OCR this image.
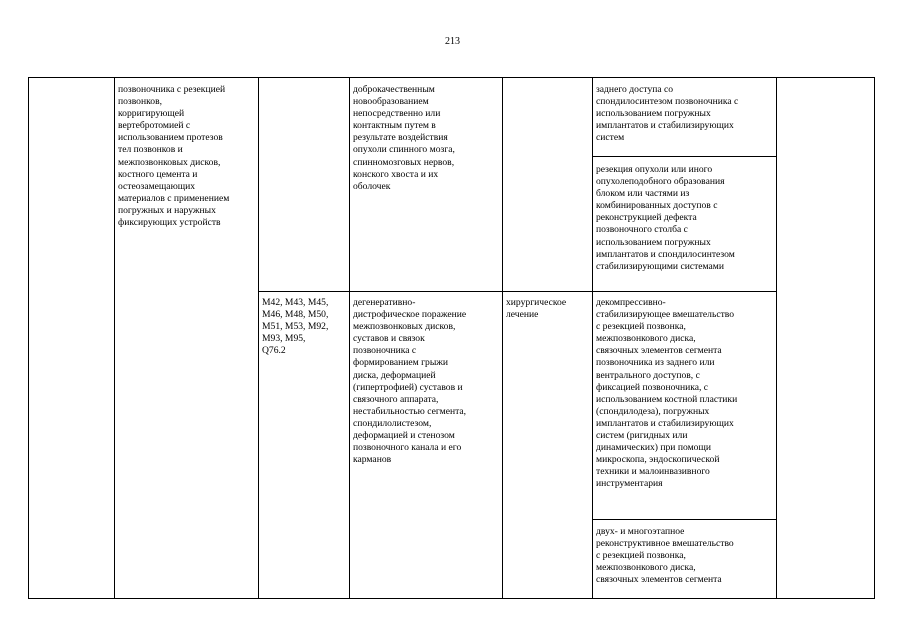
213

позвоночника с резекцией
позвонков,
корригирующей
вертебротомией с
использованием протезов
тел позвонков и
межпозвонковых дисков,
костного цемента и
остеозамещающих
материалов с применением
погружных и наружных
фиксирующих устройств

доброкачественным
новообразованием
непосредственно или
контактным путем в
результате воздействия
опухоли спинного мозга,
спинномозговых нервов,
конского хвоста и их
оболочек

заднего доступа со
спондилосинтезом позвоночника с
использованием погружных
имплантатов и стабилизирующих
систем

резекция опухоли или иного
опухолеподобного образования
блоком или частями из
комбинированных доступов с
реконструкцией дефекта
позвоночного столба с
использованием погружных
имплантатов и спондилосинтезом
стабилизирующими системами

M42, M43, M45,
M46, M48, M50,
M51, M53, M92,
M93, M95,
Q76.2

дегенеративно-
дистрофическое поражение
межпозвонковых дисков,
суставов и связок
позвоночника с
формированием грыжи
диска, деформацией
(гипертрофией) суставов и
связочного аппарата,
нестабильностью сегмента,
спондилолистезом,
деформацией и стенозом
позвоночного канала и его
карманов

хирургическое
лечение

декомпрессивно-
стабилизирующее вмешательство
с резекцией позвонка,
межпозвонкового диска,
связочных элементов сегмента
позвоночника из заднего или
вентрального доступов, с
фиксацией позвоночника, с
использованием костной пластики
(спондилодеза), погружных
имплантатов и стабилизирующих
систем (ригидных или
динамических) при помощи
микроскопа, эндоскопической
техники и малоинвазивного
инструментария

двух- и многоэтапное
реконструктивное вмешательство
с резекцией позвонка,
межпозвонкового диска,
связочных элементов сегмента
